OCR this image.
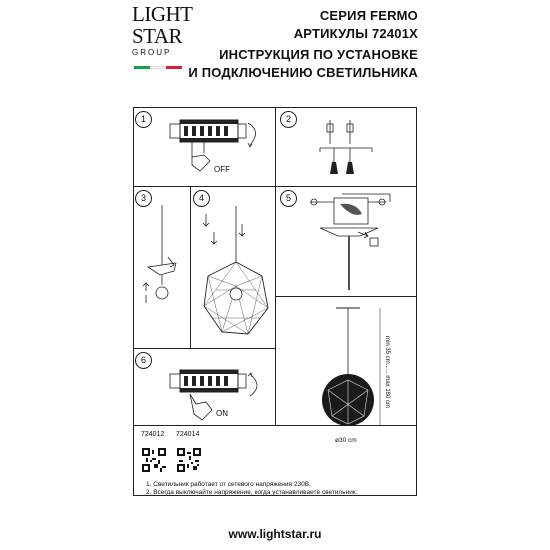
LIGHT
STAR
GROUP
СЕРИЯ FERMO
АРТИКУЛЫ 72401X
ИНСТРУКЦИЯ ПО УСТАНОВКЕ
И ПОДКЛЮЧЕНИЮ СВЕТИЛЬНИКА
1	2
3	4	5
6
OFF
min 35 cm...... max 180 cm
ø30 cm
ON
724012 724014
1. Светильник работает от сетевого напряжения 230В.
2. Всегда выключайте напряжение, когда устанавливаете светильник.
www.lightstar.ru
